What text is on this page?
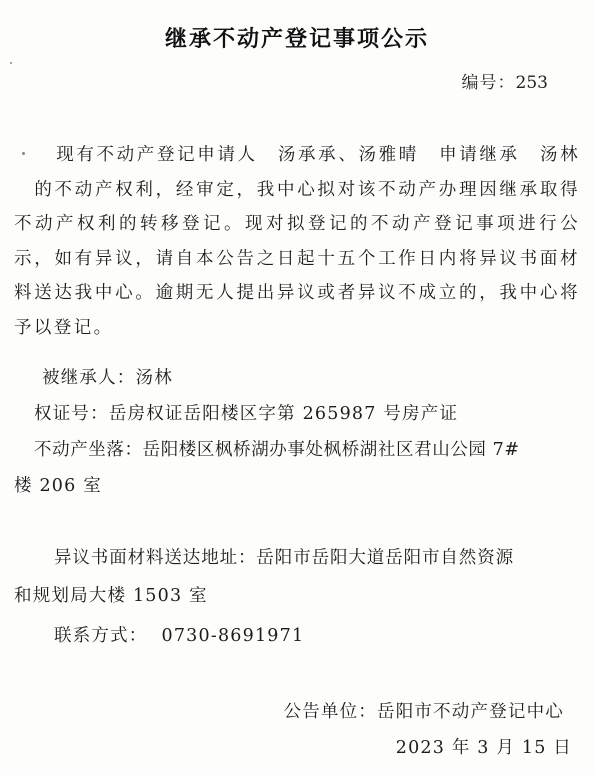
继承不动产登记事项公示
编号：253
现有不动产登记申请人 汤承承、汤雅晴 申请继承 汤林的不动产权利，经审定，我中心拟对该不动产办理因继承取得不动产权利的转移登记。现对拟登记的不动产登记事项进行公示，如有异议，请自本公告之日起十五个工作日内将异议书面材料送达我中心。逾期无人提出异议或者异议不成立的，我中心将予以登记。
被继承人：汤林
权证号：岳房权证岳阳楼区字第 265987 号房产证
不动产坐落：岳阳楼区枫桥湖办事处枫桥湖社区君山公园 7#
楼 206 室
异议书面材料送达地址：岳阳市岳阳大道岳阳市自然资源
和规划局大楼 1503 室
联系方式： 0730-8691971
公告单位：岳阳市不动产登记中心
2023 年 3 月 15 日
